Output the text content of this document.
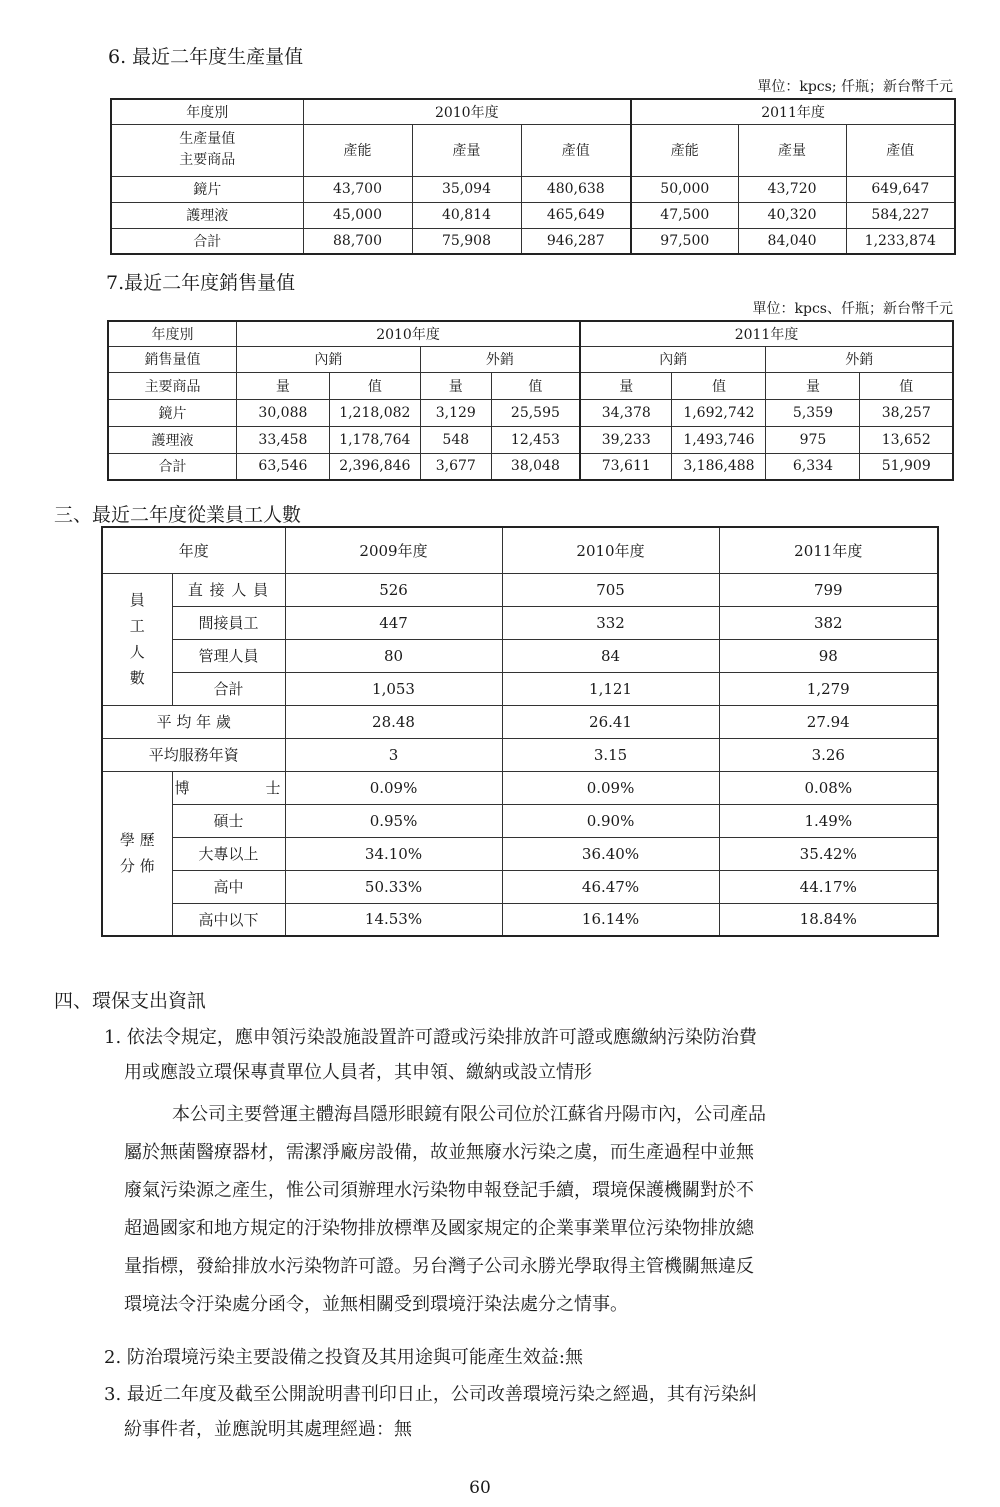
6. 最近二年度生產量值
單位：kpcs; 仟瓶；新台幣千元
年度別	2010年度			2011年度		

生產量值
主要商品	產能	產量	產值	產能	產量	產值
鏡片	43,700	35,094	480,638	50,000	43,720	649,647
護理液	45,000	40,814	465,649	47,500	40,320	584,227
合計	88,700	75,908	946,287	97,500	84,040	1,233,874
7.最近二年度銷售量值
單位：kpcs、仟瓶；新台幣千元
年度別	2010年度				2011年度			
銷售量值	內銷		外銷		內銷		外銷	
主要商品	量	值	量	值	量	值	量	值
鏡片	30,088	1,218,082	3,129	25,595	34,378	1,692,742	5,359	38,257
護理液	33,458	1,178,764	548	12,453	39,233	1,493,746	975	13,652
合計	63,546	2,396,846	3,677	38,048	73,611	3,186,488	6,334	51,909
三、最近二年度從業員工人數
年度		2009年度	2010年度	2011年度
員
工
人
數	直 接 人 員	526	705	799
	間接員工	447	332	382
	管理人員	80	84	98
	合計	1,053	1,121	1,279
平 均 年 歲		28.48	26.41	27.94
平均服務年資		3	3.15	3.26
學 歷
分 佈	博 士	0.09%	0.09%	0.08%
	碩士	0.95%	0.90%	1.49%
	大專以上	34.10%	36.40%	35.42%
	高中	50.33%	46.47%	44.17%
	高中以下	14.53%	16.14%	18.84%
四、環保支出資訊
1. 依法令規定，應申領污染設施設置許可證或污染排放許可證或應繳納污染防治費
用或應設立環保專責單位人員者，其申領、繳納或設立情形
本公司主要營運主體海昌隱形眼鏡有限公司位於江蘇省丹陽市內，公司產品
屬於無菌醫療器材，需潔淨廠房設備，故並無廢水污染之虞，而生產過程中並無
廢氣污染源之產生，惟公司須辦理水污染物申報登記手續，環境保護機關對於不
超過國家和地方規定的汙染物排放標準及國家規定的企業事業單位污染物排放總
量指標，發給排放水污染物許可證。另台灣子公司永勝光學取得主管機關無違反
環境法令汙染處分函令，並無相關受到環境汙染法處分之情事。
2. 防治環境污染主要設備之投資及其用途與可能產生效益:無
3. 最近二年度及截至公開說明書刊印日止，公司改善環境污染之經過，其有污染糾
紛事件者，並應說明其處理經過：無
60
